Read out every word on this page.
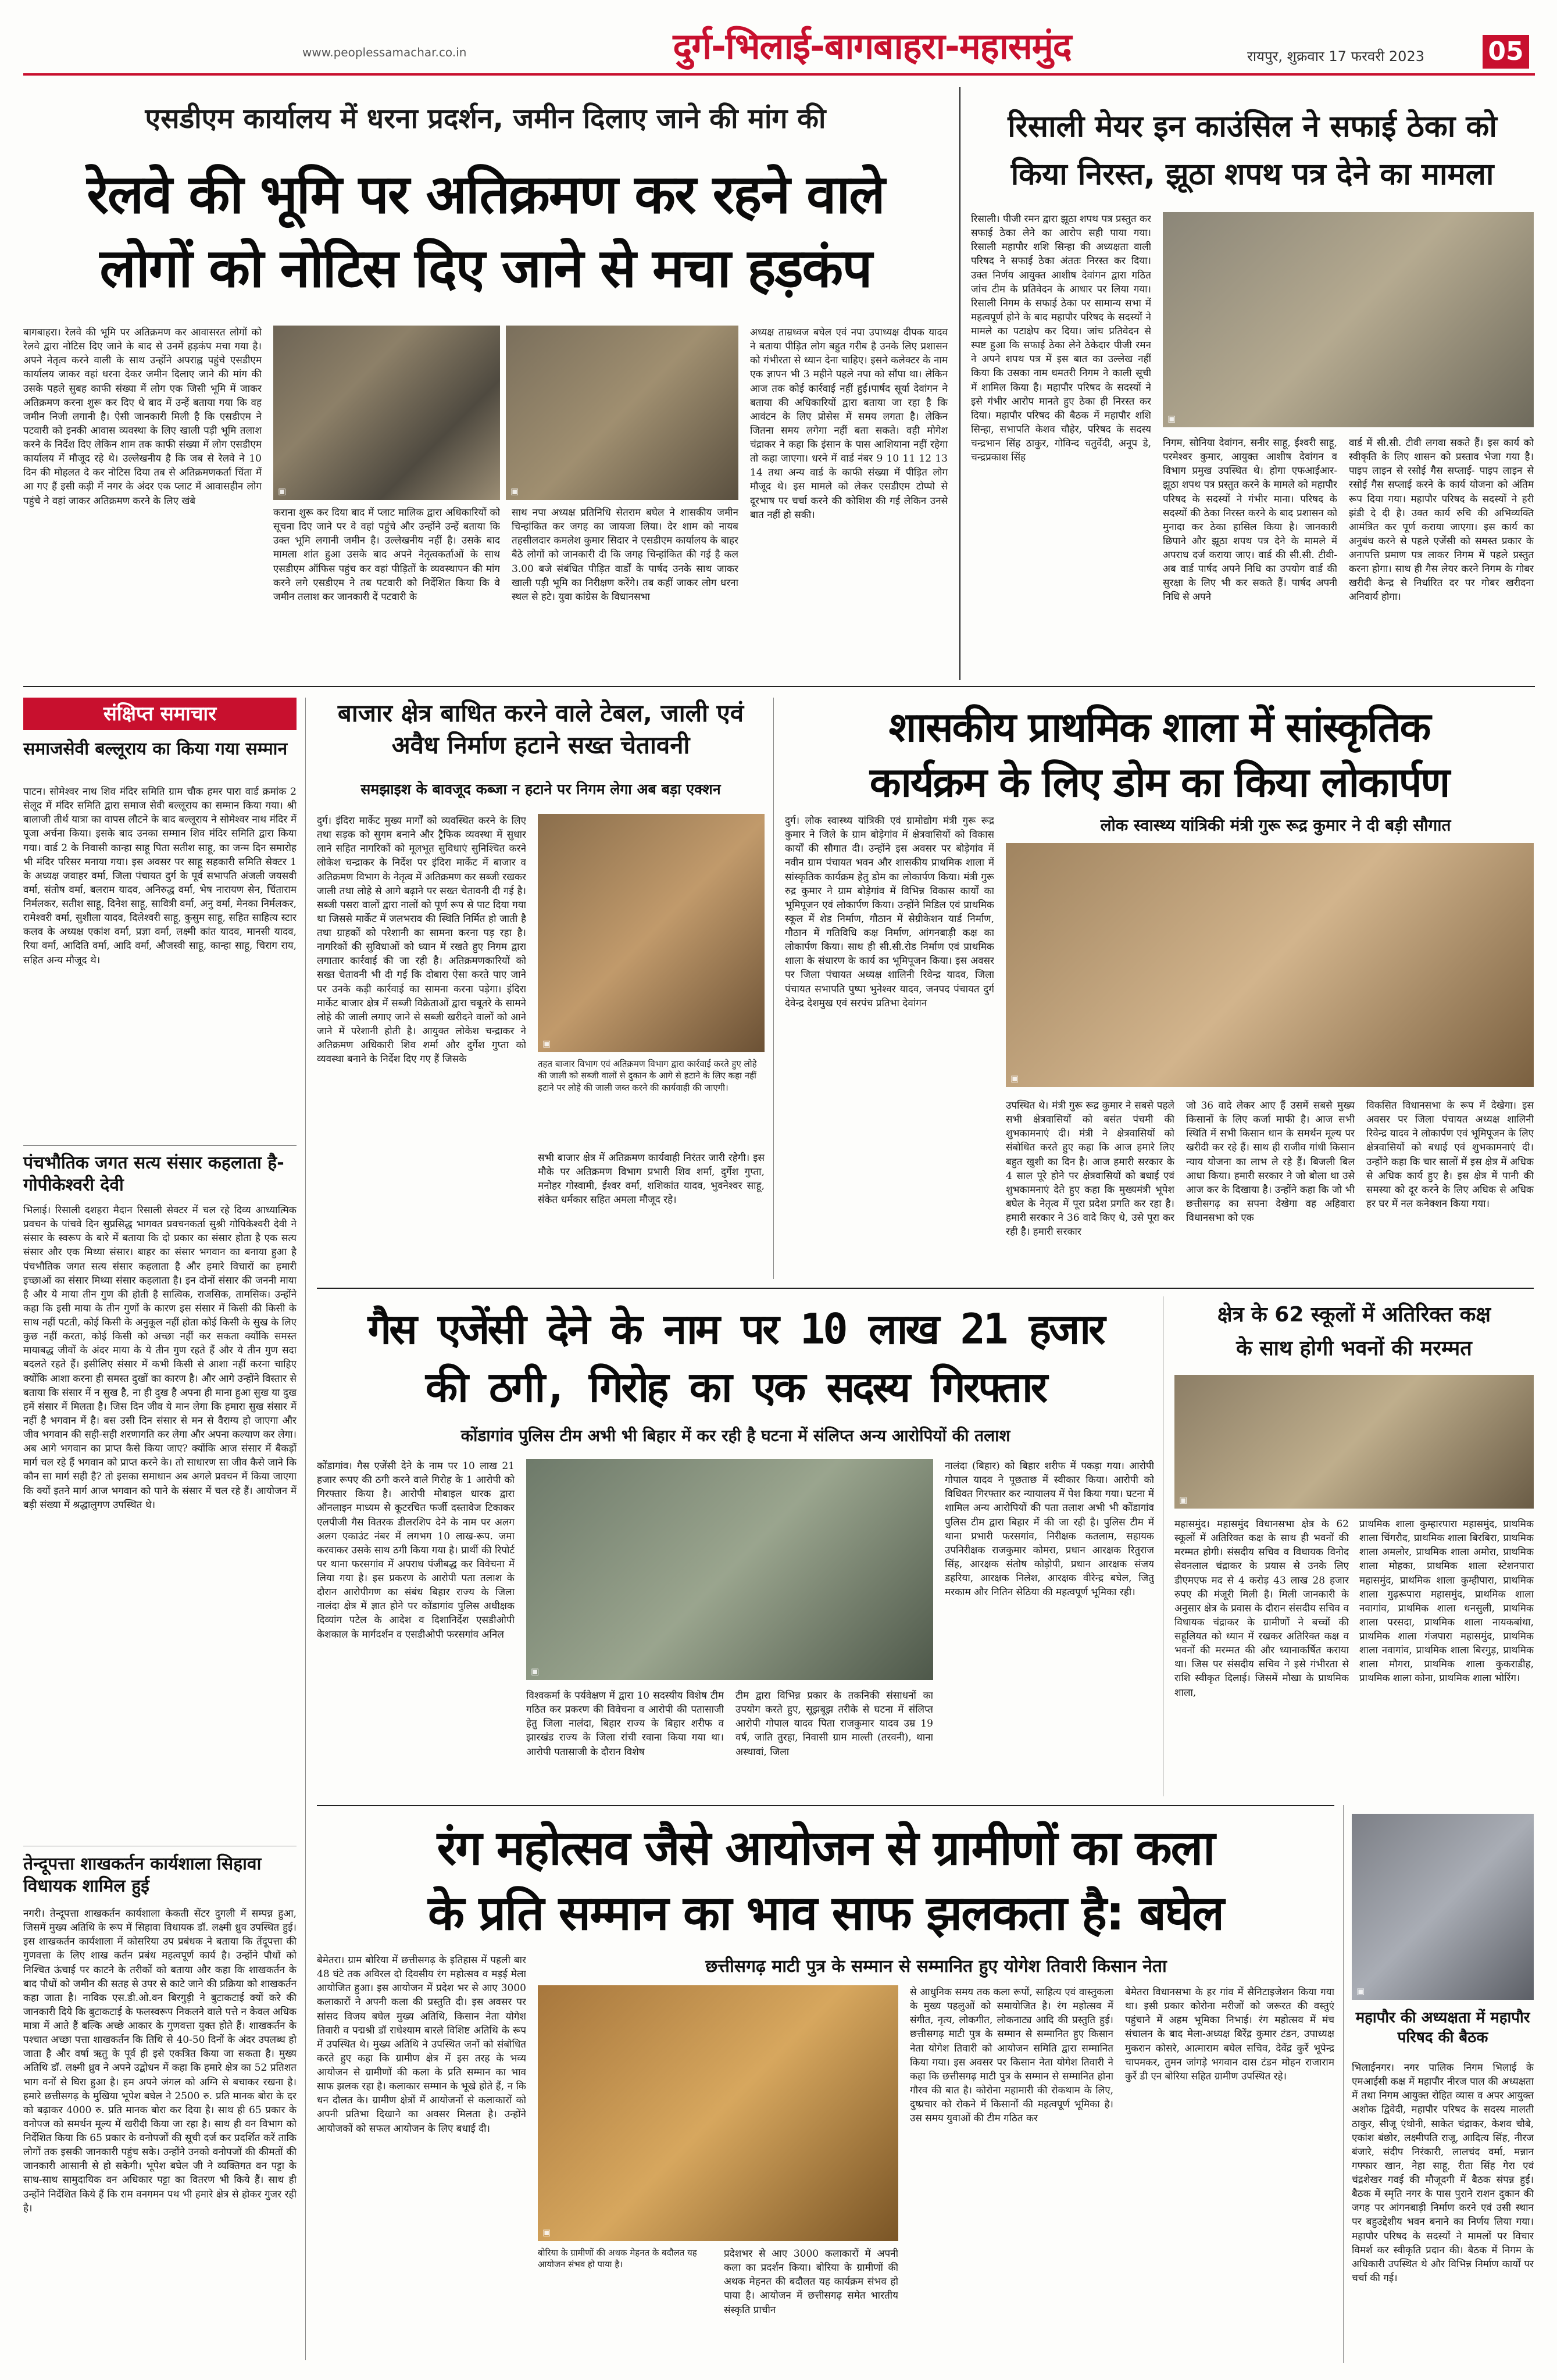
www.peoplessamachar.co.in	दुर्ग-भिलाई-बागबाहरा-महासमुंद	रायपुर, शुक्रवार 17 फरवरी 2023 05
एसडीएम कार्यालय में धरना प्रदर्शन, जमीन दिलाए जाने की मांग की
रेलवे की भूमि पर अतिक्रमण कर रहने वाले
लोगों को नोटिस दिए जाने से मचा हड़कंप
बागबाहरा। रेलवे की भूमि पर अतिक्रमण कर आवासरत लोगों को रेलवे द्वारा नोटिस दिए जाने के बाद से उनमें हड़कंप मचा गया है। अपने नेतृत्व करने वाली के साथ उन्होंने अपराह्न पहुंचे एसडीएम कार्यालय जाकर वहां धरना देकर जमीन दिलाए जाने की मांग की उसके पहले सुबह काफी संख्या में लोग एक जिसी भूमि में जाकर अतिक्रमण करना शुरू कर दिए थे बाद में उन्हें बताया गया कि वह जमीन निजी लगानी है। ऐसी जानकारी मिली है कि एसडीएम ने पटवारी को इनकी आवास व्यवस्था के लिए खाली पड़ी भूमि तलाश करने के निर्देश दिए लेकिन शाम तक काफी संख्या में लोग एसडीएम कार्यालय में मौजूद रहे थे। उल्लेखनीय है कि जब से रेलवे ने 10 दिन की मोहलत दे कर नोटिस दिया तब से अतिक्रमणकर्ता चिंता में आ गए हैं इसी कड़ी में नगर के अंदर एक प्लाट में आवासहीन लोग पहुंचे ने वहां जाकर अतिक्रमण करने के लिए खंबे
▣	▣
कराना शुरू कर दिया बाद में प्लाट मालिक द्वारा अधिकारियों को सूचना दिए जाने पर वे वहां पहुंचे और उन्होंने उन्हें बताया कि उक्त भूमि लगानी जमीन है। उल्लेखनीय नहीं है। उसके बाद मामला शांत हुआ उसके बाद अपने नेतृत्वकर्ताओं के साथ एसडीएम ऑफिस पहुंच कर वहां पीड़ितों के व्यवस्थापन की मांग करने लगे एसडीएम ने तब पटवारी को निर्देशित किया कि वे जमीन तलाश कर जानकारी दें पटवारी के
साथ नपा अध्यक्ष प्रतिनिधि सेतराम बघेल ने शासकीय जमीन चिन्हांकित कर जगह का जायजा लिया। देर शाम को नायब तहसीलदार कमलेश कुमार सिदार ने एसडीएम कार्यालय के बाहर बैठे लोगों को जानकारी दी कि जगह चिन्हांकित की गई है कल 3.00 बजे संबंधित पीड़ित वार्डों के पार्षद उनके साथ जाकर खाली पड़ी भूमि का निरीक्षण करेंगे। तब कहीं जाकर लोग धरना स्थल से हटे। युवा कांग्रेस के विधानसभा
अध्यक्ष ताम्रध्वज बघेल एवं नपा उपाध्यक्ष दीपक यादव ने बताया पीड़ित लोग बहुत गरीब है उनके लिए प्रशासन को गंभीरता से ध्यान देना चाहिए। इसने कलेक्टर के नाम एक ज्ञापन भी 3 महीने पहले नपा को सौंपा था। लेकिन आज तक कोई कार्रवाई नहीं हुई।पार्षद सूर्या देवांगन ने बताया की अधिकारियों द्वारा बताया जा रहा है कि आवंटन के लिए प्रोसेस में समय लगता है। लेकिन जितना समय लगेगा नहीं बता सकते। वही मोगेश चंद्राकर ने कहा कि इंसान के पास आशियाना नहीं रहेगा तो कहा जाएगा। धरने में वार्ड नंबर 9 10 11 12 13 14 तथा अन्य वार्ड के काफी संख्या में पीड़ित लोग मौजूद थे। इस मामले को लेकर एसडीएम टोप्पो से दूरभाष पर चर्चा करने की कोशिश की गई लेकिन उनसे बात नहीं हो सकी।
रिसाली मेयर इन काउंसिल ने सफाई ठेका को
किया निरस्त, झूठा शपथ पत्र देने का मामला
रिसाली। पीजी रमन द्वारा झूठा शपथ पत्र प्रस्तुत कर सफाई ठेका लेने का आरोप सही पाया गया। रिसाली महापौर शशि सिन्हा की अध्यक्षता वाली परिषद ने सफाई ठेका अंततः निरस्त कर दिया। उक्त निर्णय आयुक्त आशीष देवांगन द्वारा गठित जांच टीम के प्रतिवेदन के आधार पर लिया गया। रिसाली निगम के सफाई ठेका पर सामान्य सभा में महत्वपूर्ण होने के बाद महापौर परिषद के सदस्यों ने मामले का पटाक्षेप कर दिया। जांच प्रतिवेदन से स्पष्ट हुआ कि सफाई ठेका लेने ठेकेदार पीजी रमन ने अपने शपथ पत्र में इस बात का उल्लेख नहीं किया कि उसका नाम धमतरी निगम ने काली सूची में शामिल किया है। महापौर परिषद के सदस्यों ने इसे गंभीर आरोप मानते हुए ठेका ही निरस्त कर दिया। महापौर परिषद की बैठक में महापौर शशि सिन्हा, सभापति केशव चौहेर, परिषद के सदस्य चन्द्रभान सिंह ठाकुर, गोविन्द चतुर्वेदी, अनूप डे, चन्द्रप्रकाश सिंह
▣
निगम, सोनिया देवांगन, सनीर साहू, ईश्वरी साहू, परमेश्वर कुमार, आयुक्त आशीष देवांगन व विभाग प्रमुख उपस्थित थे। होगा एफआईआर- झूठा शपथ पत्र प्रस्तुत करने के मामले को महापौर परिषद के सदस्यों ने गंभीर माना। परिषद के सदस्यों की ठेका निरस्त करने के बाद प्रशासन को मुनादा कर ठेका हासिल किया है। जानकारी छिपाने और झूठा शपथ पत्र देने के मामले में अपराध दर्ज कराया जाए। वार्ड की सी.सी. टीवी-अब वार्ड पार्षद अपने निधि का उपयोग वार्ड की सुरक्षा के लिए भी कर सकते हैं। पार्षद अपनी निधि से अपने
वार्ड में सी.सी. टीवी लगवा सकते हैं। इस कार्य को स्वीकृति के लिए शासन को प्रस्ताव भेजा गया है। पाइप लाइन से रसोई गैस सप्लाई- पाइप लाइन से रसोई गैस सप्लाई करने के कार्य योजना को अंतिम रूप दिया गया। महापौर परिषद के सदस्यों ने हरी झंडी दे दी है। उक्त कार्य रुचि की अभिव्यक्ति आमंत्रित कर पूर्ण कराया जाएगा। इस कार्य का अनुबंध करने से पहले एजेंसी को समस्त प्रकार के अनापत्ति प्रमाण पत्र लाकर निगम में पहले प्रस्तुत करना होगा। साथ ही गैस लेयर करने निगम के गोबर खरीदी केन्द्र से निर्धारित दर पर गोबर खरीदना अनिवार्य होगा।
संक्षिप्त समाचार
समाजसेवी बल्लूराय का किया गया सम्मान
पाटन। सोमेश्वर नाथ शिव मंदिर समिति ग्राम चौक हमर पारा वार्ड क्रमांक 2 सेलूद में मंदिर समिति द्वारा समाज सेवी बल्लूराय का सम्मान किया गया। श्री बालाजी तीर्थ यात्रा का वापस लौटने के बाद बल्लूराय ने सोमेश्वर नाथ मंदिर में पूजा अर्चना किया। इसके बाद उनका सम्मान शिव मंदिर समिति द्वारा किया गया। वार्ड 2 के निवासी कान्हा साहू पिता सतीश साहू, का जन्म दिन समारोह भी मंदिर परिसर मनाया गया। इस अवसर पर साहू सहकारी समिति सेक्टर 1 के अध्यक्ष जवाहर वर्मा, जिला पंचायत दुर्ग के पूर्व सभापति अंजली जयसवी वर्मा, संतोष वर्मा, बलराम यादव, अनिरुद्ध वर्मा, भेष नारायण सेन, चिंताराम निर्मलकर, सतीश साहू, दिनेश साहू, सावित्री वर्मा, अनु वर्मा, मेनका निर्मलकर, रामेश्वरी वर्मा, सुशीला यादव, दिलेश्वरी साहू, कुसुम साहू, सहित साहित्य स्टार कलव के अध्यक्ष एकांश वर्मा, प्रज्ञा वर्मा, लक्ष्मी कांत यादव, मानसी यादव, रिया वर्मा, आदिति वर्मा, आदि वर्मा, औजस्वी साहू, कान्हा साहू, चिराग राय, सहित अन्य मौजूद थे।
पंचभौतिक जगत सत्य संसार कहलाता है-गोपीकेश्वरी देवी
भिलाई। रिसाली दशहरा मैदान रिसाली सेक्टर में चल रहे दिव्य आध्यात्मिक प्रवचन के पांचवे दिन सुप्रसिद्ध भागवत प्रवचनकर्ता सुश्री गोपिकेश्वरी देवी ने संसार के स्वरूप के बारे में बताया कि दो प्रकार का संसार होता है एक सत्य संसार और एक मिथ्या संसार। बाहर का संसार भगवान का बनाया हुआ है पंचभौतिक जगत सत्य संसार कहलाता है और हमारे विचारों का हमारी इच्छाओं का संसार मिथ्या संसार कहलाता है। इन दोनों संसार की जननी माया है और ये माया तीन गुण की होती है सात्विक, राजसिक, तामसिक। उन्होंने कहा कि इसी माया के तीन गुणों के कारण इस संसार में किसी की किसी के साथ नहीं पटती, कोई किसी के अनुकूल नहीं होता कोई किसी के सुख के लिए कुछ नहीं करता, कोई किसी को अच्छा नहीं कर सकता क्योंकि समस्त मायाबद्ध जीवों के अंदर माया के ये तीन गुण रहते हैं और ये तीन गुण सदा बदलते रहते हैं। इसीलिए संसार में कभी किसी से आशा नहीं करना चाहिए क्योंकि आशा करना ही समस्त दुखों का कारण है। और आगे उन्होंने विस्तार से बताया कि संसार में न सुख है, ना ही दुख है अपना ही माना हुआ सुख या दुख हमें संसार में मिलता है। जिस दिन जीव ये मान लेगा कि हमारा सुख संसार में नहीं है भगवान में है। बस उसी दिन संसार से मन से वैराग्य हो जाएगा और जीव भगवान की सही-सही शरणागति कर लेगा और अपना कल्याण कर लेगा। अब आगे भगवान का प्राप्त कैसे किया जाए? क्योंकि आज संसार में बैकड़ों मार्ग चल रहे हैं भगवान को प्राप्त करने के। तो साधारण सा जीव कैसे जाने कि कौन सा मार्ग सही है? तो इसका समाधान अब अगले प्रवचन में किया जाएगा कि क्यों इतने मार्ग आज भगवान को पाने के संसार में चल रहे हैं। आयोजन में बड़ी संख्या में श्रद्धालुगण उपस्थित थे।
तेन्दूपत्ता शाखकर्तन कार्यशाला सिहावा विधायक शामिल हुई
नगरी। तेन्दूपत्ता शाखकर्तन कार्यशाला केकती सेंटर दुगली में सम्पन्न हुआ, जिसमें मुख्य अतिथि के रूप में सिहावा विधायक डॉ. लक्ष्मी ध्रुव उपस्थित हुई। इस शाखकर्तन कार्यशाला में कोसरिया उप प्रबंधक ने बताया कि तेंदूपत्ता की गुणवत्ता के लिए शाख कर्तन प्रबंध महत्वपूर्ण कार्य है। उन्होंने पौधों को निश्चित ऊंचाई पर काटने के तरीकों को बताया और कहा कि शाखकर्तन के बाद पौधों को जमीन की सतह से उपर से काटे जाने की प्रक्रिया को शाखकर्तन कहा जाता है। नाविक एस.डी.ओ.वन बिरगुड़ी ने बुटाकटाई क्यों करे की जानकारी दिये कि बुटाकटाई के फलस्वरूप निकलने वाले पत्ते न केवल अधिक मात्रा में आते हैं बल्कि अच्छे आकार के गुणवत्ता युक्त होते हैं। शाखकर्तन के पश्चात अच्छा पत्ता शाखकर्तन कि तिथि से 40-50 दिनों के अंदर उपलब्ध हो जाता है और वर्षा ऋतु के पूर्व ही इसे एकत्रित किया जा सकता है। मुख्य अतिथि डॉ. लक्ष्मी ध्रुव ने अपने उद्बोधन में कहा कि हमारे क्षेत्र का 52 प्रतिशत भाग वनों से घिरा हुआ है। हम अपने जंगल को अग्नि से बचाकर रखना है। हमारे छत्तीसगढ़ के मुखिया भूपेश बघेल ने 2500 रु. प्रति मानक बोरा के दर को बढ़ाकर 4000 रु. प्रति मानक बोरा कर दिया है। साथ ही 65 प्रकार के वनोपज को समर्थन मूल्य में खरीदी किया जा रहा है। साथ ही वन विभाग को निर्देशित किया कि 65 प्रकार के वनोपजों की सूची दर्ज कर प्रदर्शित करें ताकि लोगों तक इसकी जानकारी पहुंच सके। उन्होंने उनको वनोपजों की कीमतों की जानकारी आसानी से हो सकेगी। भूपेश बघेल जी ने व्यक्तिगत वन पट्टा के साथ-साथ सामुदायिक वन अधिकार पट्टा का वितरण भी किये हैं। साथ ही उन्होंने निर्देशित किये हैं कि राम वनगमन पथ भी हमारे क्षेत्र से होकर गुजर रही है।
बाजार क्षेत्र बाधित करने वाले टेबल, जाली एवं अवैध निर्माण हटाने सख्त चेतावनी
समझाइश के बावजूद कब्जा न हटाने पर निगम लेगा अब बड़ा एक्शन
दुर्ग। इंदिरा मार्केट मुख्य मार्गों को व्यवस्थित करने के लिए तथा सड़क को सुगम बनाने और ट्रैफिक व्यवस्था में सुधार लाने सहित नागरिकों को मूलभूत सुविधाएं सुनिश्चित करने लोकेश चन्द्राकर के निर्देश पर इंदिरा मार्केट में बाजार व अतिक्रमण विभाग के नेतृत्व में अतिक्रमण कर सब्जी रखकर जाली तथा लोहे से आगे बढ़ाने पर सख्त चेतावनी दी गई है। सब्जी पसरा वालों द्वारा नालों को पूर्ण रूप से पाट दिया गया था जिससे मार्केट में जलभराव की स्थिति निर्मित हो जाती है तथा ग्राहकों को परेशानी का सामना करना पड़ रहा है। नागरिकों की सुविधाओं को ध्यान में रखते हुए निगम द्वारा लगातार कार्रवाई की जा रही है। अतिक्रमणकारियों को सख्त चेतावनी भी दी गई कि दोबारा ऐसा करते पाए जाने पर उनके कड़ी कार्रवाई का सामना करना पड़ेगा। इंदिरा मार्केट बाजार क्षेत्र में सब्जी विक्रेताओं द्वारा चबूतरे के सामने लोहे की जाली लगाए जाने से सब्जी खरीदने वालों को आने जाने में परेशानी होती है। आयुक्त लोकेश चन्द्राकर ने अतिक्रमण अधिकारी शिव शर्मा और दुर्गेश गुप्ता को व्यवस्था बनाने के निर्देश दिए गए हैं जिसके
▣
तहत बाजार विभाग एवं अतिक्रमण विभाग द्वारा कार्रवाई करते हुए लोहे की जाली को सब्जी वालों से दुकान के आगे से हटाने के लिए कहा नहीं हटाने पर लोहे की जाली जब्त करने की कार्यवाही की जाएगी।
सभी बाजार क्षेत्र में अतिक्रमण कार्यवाही निरंतर जारी रहेगी। इस मौके पर अतिक्रमण विभाग प्रभारी शिव शर्मा, दुर्गेश गुप्ता, मनोहर गोस्वामी, ईश्वर वर्मा, शशिकांत यादव, भुवनेश्वर साहू, संकेत धर्मकार सहित अमला मौजूद रहे।
शासकीय प्राथमिक शाला में सांस्कृतिक
कार्यक्रम के लिए डोम का किया लोकार्पण
लोक स्वास्थ्य यांत्रिकी मंत्री गुरू रूद्र कुमार ने दी बड़ी सौगात
दुर्ग। लोक स्वास्थ्य यांत्रिकी एवं ग्रामोद्योग मंत्री गुरू रूद्र कुमार ने जिले के ग्राम बोड़ेगांव में क्षेत्रवासियों को विकास कार्यों की सौगात दी। उन्होंने इस अवसर पर बोड़ेगांव में नवीन ग्राम पंचायत भवन और शासकीय प्राथमिक शाला में सांस्कृतिक कार्यक्रम हेतु डोम का लोकार्पण किया। मंत्री गुरू रुद्र कुमार ने ग्राम बोड़ेगांव में विभिन्न विकास कार्यों का भूमिपूजन एवं लोकार्पण किया। उन्होंने मिडिल एवं प्राथमिक स्कूल में शेड निर्माण, गौठान में सेग्रीकेशन यार्ड निर्माण, गौठान में गतिविधि कक्ष निर्माण, आंगनबाड़ी कक्ष का लोकार्पण किया। साथ ही सी.सी.रोड निर्माण एवं प्राथमिक शाला के संधारण के कार्य का भूमिपूजन किया। इस अवसर पर जिला पंचायत अध्यक्ष शालिनी रिवेन्द्र यादव, जिला पंचायत सभापति पुष्पा भुनेश्वर यादव, जनपद पंचायत दुर्ग देवेन्द्र देशमुख एवं सरपंच प्रतिभा देवांगन
▣
उपस्थित थे। मंत्री गुरू रूद्र कुमार ने सबसे पहले सभी क्षेत्रवासियों को बसंत पंचमी की शुभकामनाएं दी। मंत्री ने क्षेत्रवासियों को संबोधित करते हुए कहा कि आज हमारे लिए बहुत खुशी का दिन है। आज हमारी सरकार के 4 साल पूरे होने पर क्षेत्रवासियों को बधाई एवं शुभकामनाएं देते हुए कहा कि मुख्यमंत्री भूपेश बघेल के नेतृत्व में पूरा प्रदेश प्रगति कर रहा है। हमारी सरकार ने 36 वादे किए थे, उसे पूरा कर रही है। हमारी सरकार
जो 36 वादे लेकर आए हैं उसमें सबसे मुख्य किसानों के लिए कर्जा माफी है। आज सभी स्थिति में सभी किसान धान के समर्थन मूल्य पर खरीदी कर रहे हैं। साथ ही राजीव गांधी किसान न्याय योजना का लाभ ले रहे हैं। बिजली बिल आधा किया। हमारी सरकार ने जो बोला था उसे आज कर के दिखाया है। उन्होंने कहा कि जो भी छत्तीसगढ़ का सपना देखेगा वह अहिवारा विधानसभा को एक
विकसित विधानसभा के रूप में देखेगा। इस अवसर पर जिला पंचायत अध्यक्ष शालिनी रिवेन्द्र यादव ने लोकार्पण एवं भूमिपूजन के लिए क्षेत्रवासियों को बधाई एवं शुभकामनाएं दी। उन्होंने कहा कि चार सालों में इस क्षेत्र में अधिक से अधिक कार्य हुए है। इस क्षेत्र में पानी की समस्या को दूर करने के लिए अधिक से अधिक हर घर में नल कनेक्शन किया गया।
गैस एजेंसी देने के नाम पर 10 लाख 21 हजार
की ठगी, गिरोह का एक सदस्य गिरफ्तार
कोंडागांव पुलिस टीम अभी भी बिहार में कर रही है घटना में संलिप्त अन्य आरोपियों की तलाश
कोंडागांव। गैस एजेंसी देने के नाम पर 10 लाख 21 हजार रूपए की ठगी करने वाले गिरोह के 1 आरोपी को गिरफ्तार किया है। आरोपी मोबाइल धारक द्वारा ऑनलाइन माध्यम से कूटरचित फर्जी दस्तावेज टिकाकर एलपीजी गैस वितरक डीलरशिप देने के नाम पर अलग अलग एकाउंट नंबर में लगभग 10 लाख-रूप. जमा करवाकर उसके साथ ठगी किया गया है। प्रार्थी की रिपोर्ट पर थाना फरसगांव में अपराध पंजीबद्ध कर विवेचना में लिया गया है। इस प्रकरण के आरोपी पता तलाश के दौरान आरोपीगण का संबंध बिहार राज्य के जिला नालंदा क्षेत्र में ज्ञात होने पर कोंडागांव पुलिस अधीक्षक दिव्यांग पटेल के आदेश व दिशानिर्देश एसडीओपी केशकाल के मार्गदर्शन व एसडीओपी फरसगांव अनिल
▣
विश्वकर्मा के पर्यवेक्षण में द्वारा 10 सदस्यीय विशेष टीम गठित कर प्रकरण की विवेचना व आरोपी की पतासाजी हेतु जिला नालंदा, बिहार राज्य के बिहार शरीफ व झारखंड राज्य के जिला रांची रवाना किया गया था। आरोपी पतासाजी के दौरान विशेष
टीम द्वारा विभिन्न प्रकार के तकनिकी संसाधनों का उपयोग करते हुए, सूझबूझ तरीके से घटना में संलिप्त आरोपी गोपाल यादव पिता राजकुमार यादव उम्र 19 वर्ष, जाति तुरहा, निवासी ग्राम माल्ती (तरवनी), थाना अस्थावां, जिला
नालंदा (बिहार) को बिहार शरीफ में पकड़ा गया। आरोपी गोपाल यादव ने पूछताछ में स्वीकार किया। आरोपी को विधिवत गिरफ्तार कर न्यायालय में पेश किया गया। घटना में शामिल अन्य आरोपियों की पता तलाश अभी भी कोंडागांव पुलिस टीम द्वारा बिहार में की जा रही है। पुलिस टीम में थाना प्रभारी फरसगांव, निरीक्षक कतलाम, सहायक उपनिरीक्षक राजकुमार कोमरा, प्रधान आरक्षक रितुराज सिंह, आरक्षक संतोष कोड़ोपी, प्रधान आरक्षक संजय डहरिया, आरक्षक निलेश, आरक्षक वीरेन्द्र बघेल, जितु मरकाम और नितिन सेठिया की महत्वपूर्ण भूमिका रही।
क्षेत्र के 62 स्कूलों में अतिरिक्त कक्ष
के साथ होगी भवनों की मरम्मत
▣
महासमुंद। महासमुंद विधानसभा क्षेत्र के 62 स्कूलों में अतिरिक्त कक्ष के साथ ही भवनों की मरम्मत होगी। संसदीय सचिव व विधायक विनोद सेवनलाल चंद्राकर के प्रयास से उनके लिए डीएमएफ मद से 4 करोड़ 43 लाख 28 हजार रुपए की मंजूरी मिली है। मिली जानकारी के अनुसार क्षेत्र के प्रवास के दौरान संसदीय सचिव व विधायक चंद्राकर के ग्रामीणों ने बच्चों की सहूलियत को ध्यान में रखकर अतिरिक्त कक्ष व भवनों की मरम्मत की और ध्यानाकर्षित कराया था। जिस पर संसदीय सचिव ने इसे गंभीरता से राशि स्वीकृत दिलाई। जिसमें मौखा के प्राथमिक शाला,
प्राथमिक शाला कुम्हारपारा महासमुंद, प्राथमिक शाला चिंगरौद, प्राथमिक शाला बिरबिरा, प्राथमिक शाला अमलोर, प्राथमिक शाला अमोरा, प्राथमिक शाला मोहका, प्राथमिक शाला स्टेशनपारा महासमुंद, प्राथमिक शाला कुम्हीपारा, प्राथमिक शाला गुढ़रूपारा महासमुंद, प्राथमिक शाला नवागांव, प्राथमिक शाला धनसुली, प्राथमिक शाला परसदा, प्राथमिक शाला नायकबांधा, प्राथमिक शाला गंजपारा महासमुंद, प्राथमिक शाला नवागांव, प्राथमिक शाला बिरगुड़, प्राथमिक शाला मौगरा, प्राथमिक शाला कुकराडीह, प्राथमिक शाला कोना, प्राथमिक शाला भोरिंग।
रंग महोत्सव जैसे आयोजन से ग्रामीणों का कला
के प्रति सम्मान का भाव साफ झलकता है: बघेल
छत्तीसगढ़ माटी पुत्र के सम्मान से सम्मानित हुए योगेश तिवारी किसान नेता
बेमेतरा। ग्राम बोरिया में छत्तीसगढ़ के इतिहास में पहली बार 48 घंटे तक अविरल दो दिवसीय रंग महोत्सव व मड़ई मेला आयोजित हुआ। इस आयोजन में प्रदेश भर से आए 3000 कलाकारों ने अपनी कला की प्रस्तुति दी। इस अवसर पर सांसद विजय बघेल मुख्य अतिथि, किसान नेता योगेश तिवारी व पद्मश्री डॉ राधेश्याम बारले विशिष्ट अतिथि के रूप में उपस्थित थे। मुख्य अतिथि ने उपस्थित जनों को संबोधित करते हुए कहा कि ग्रामीण क्षेत्र में इस तरह के भव्य आयोजन से ग्रामीणों की कला के प्रति सम्मान का भाव साफ झलक रहा है। कलाकार सम्मान के भूखे होते हैं, न कि धन दौलत के। ग्रामीण क्षेत्रों में आयोजनों से कलाकारों को अपनी प्रतिभा दिखाने का अवसर मिलता है। उन्होंने आयोजकों को सफल आयोजन के लिए बधाई दी।
▣
बोरिया के ग्रामीणों की अथक मेहनत के बदौलत यह आयोजन संभव हो पाया है।
प्रदेशभर से आए 3000 कलाकारों में अपनी कला का प्रदर्शन किया। बोरिया के ग्रामीणों की अथक मेहनत की बदौलत यह कार्यक्रम संभव हो पाया है। आयोजन में छत्तीसगढ़ समेत भारतीय संस्कृति प्राचीन
से आधुनिक समय तक कला रूपों, साहित्य एवं वास्तुकला के मुख्य पहलुओं को समायोजित है। रंग महोत्सव में संगीत, नृत्य, लोकगीत, लोकनाट्य आदि की प्रस्तुति हुई। छत्तीसगढ़ माटी पुत्र के सम्मान से सम्मानित हुए किसान नेता योगेश तिवारी को आयोजन समिति द्वारा सम्मानित किया गया। इस अवसर पर किसान नेता योगेश तिवारी ने कहा कि छत्तीसगढ़ माटी पुत्र के सम्मान से सम्मानित होना गौरव की बात है। कोरोना महामारी की रोकथाम के लिए, दुष्प्रचार को रोकने में किसानों की महत्वपूर्ण भूमिका है। उस समय युवाओं की टीम गठित कर
बेमेतरा विधानसभा के हर गांव में सैनिटाइजेशन किया गया था। इसी प्रकार कोरोना मरीजों को जरूरत की वस्तुएं पहुंचाने में अहम भूमिका निभाई। रंग महोत्सव में मंच संचालन के बाद मेला-अध्यक्ष बिरेंद्र कुमार टंडन, उपाध्यक्ष मुकरान कोसरे, आत्माराम बघेल सचिव, देवेंद्र कुर्रे भूपेन्द्र चापमकर, तुमन जांगड़े भगवान दास टंडन मोहन राजाराम कुर्रे डी एन बोरिया सहित ग्रामीण उपस्थित रहे।
▣
महापौर की अध्यक्षता में महापौर परिषद की बैठक
भिलाईनगर। नगर पालिक निगम भिलाई के एमआईसी कक्ष में महापौर नीरज पाल की अध्यक्षता में तथा निगम आयुक्त रोहित व्यास व अपर आयुक्त अशोक द्विवेदी, महापौर परिषद के सदस्य मालती ठाकुर, सीजू एंथोनी, साकेत चंद्राकर, केशव चौबे, एकांश बंछोर, लक्ष्मीपति राजू, आदित्य सिंह, नीरज बंजारे, संदीप निरंकारी, लालचंद वर्मा, मन्नान गफ्फार खान, नेहा साहू, रीता सिंह गेरा एवं चंद्रशेखर गवई की मौजूदगी में बैठक संपन्न हुई। बैठक में स्मृति नगर के पास पुराने राशन दुकान की जगह पर आंगनबाड़ी निर्माण करने एवं उसी स्थान पर बहुउद्देशीय भवन बनाने का निर्णय लिया गया। महापौर परिषद के सदस्यों ने मामलों पर विचार विमर्श कर स्वीकृति प्रदान की। बैठक में निगम के अधिकारी उपस्थित थे और विभिन्न निर्माण कार्यों पर चर्चा की गई।
